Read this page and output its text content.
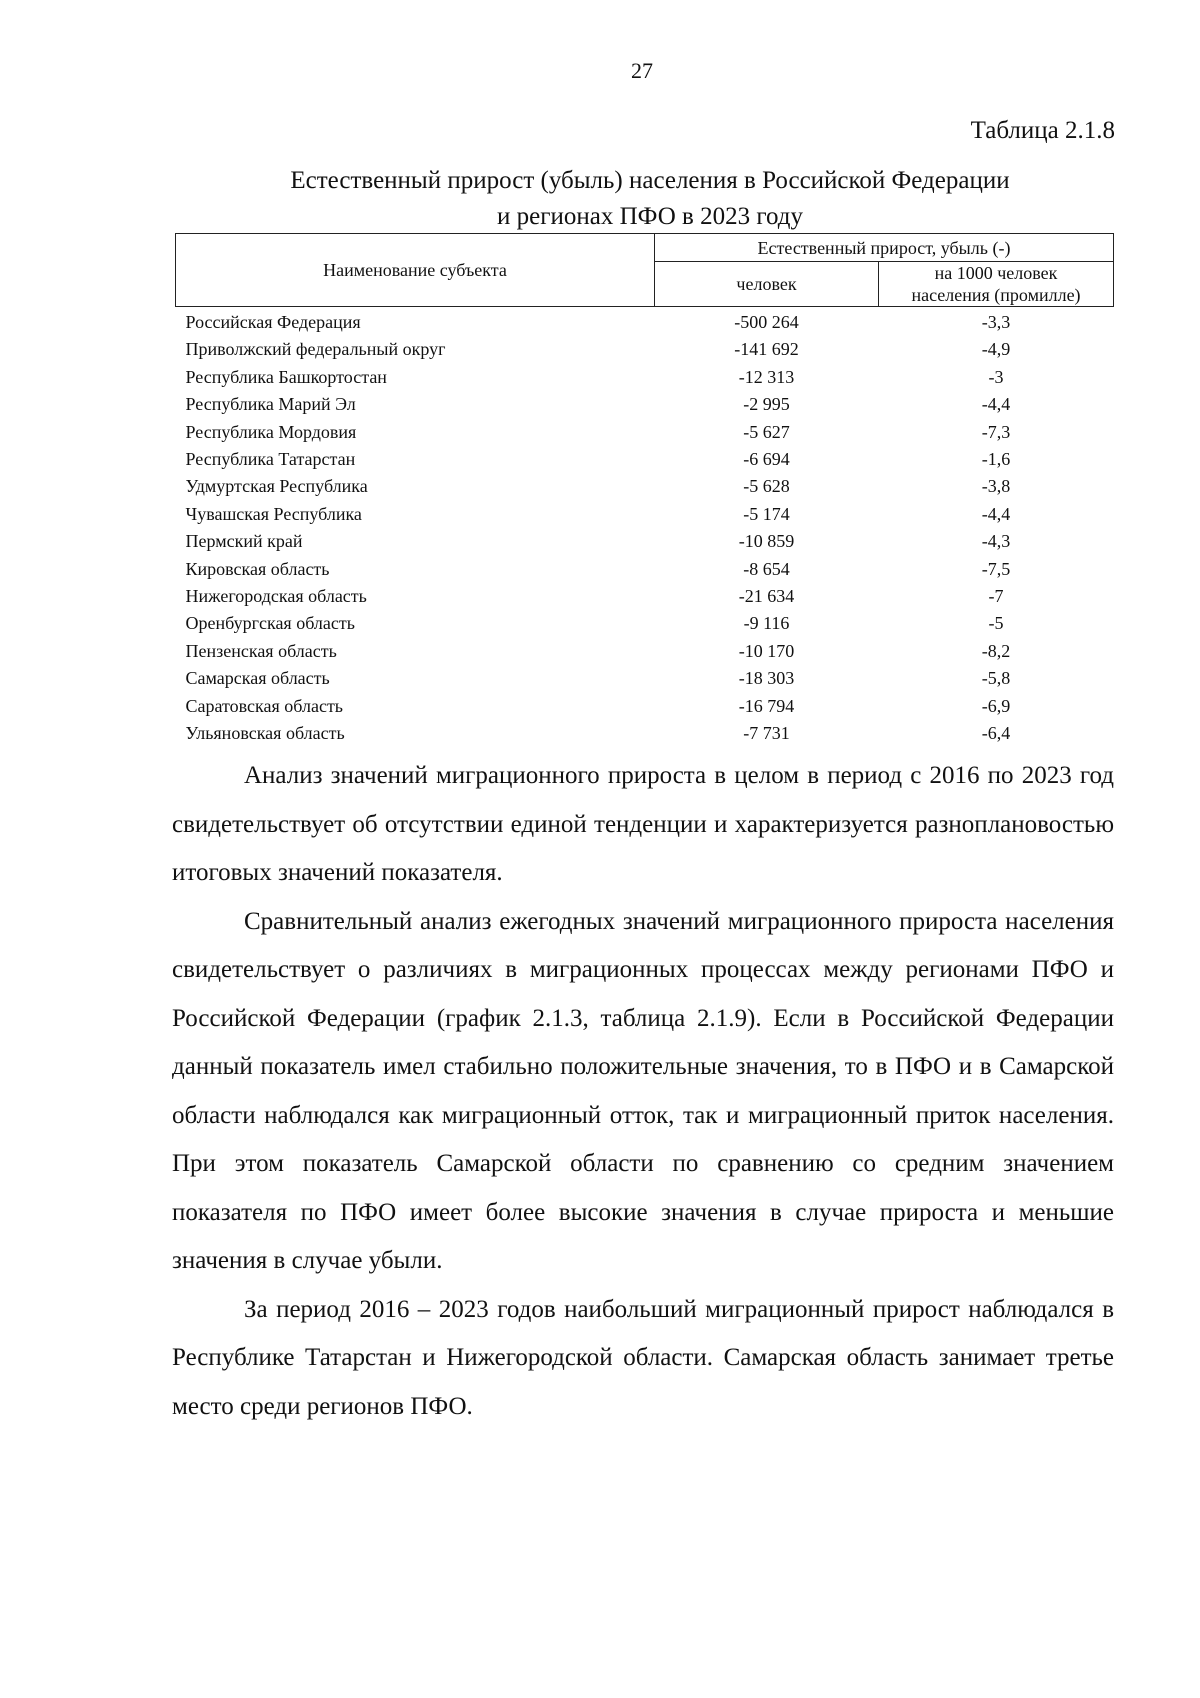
27
Таблица 2.1.8
Естественный прирост (убыль) населения в Российской Федерации
и регионах ПФО в 2023 году
Наименование субъекта	Естественный прирост, убыль (-)	
	человек	на 1000 человек
населения (промилле)

Российская Федерация	-500 264	-3,3
Приволжский федеральный округ	-141 692	-4,9
Республика Башкортостан	-12 313	-3
Республика Марий Эл	-2 995	-4,4
Республика Мордовия	-5 627	-7,3
Республика Татарстан	-6 694	-1,6
Удмуртская Республика	-5 628	-3,8
Чувашская Республика	-5 174	-4,4
Пермский край	-10 859	-4,3
Кировская область	-8 654	-7,5
Нижегородская область	-21 634	-7
Оренбургская область	-9 116	-5
Пензенская область	-10 170	-8,2
Самарская область	-18 303	-5,8
Саратовская область	-16 794	-6,9
Ульяновская область	-7 731	-6,4

Анализ значений миграционного прироста в целом в период с 2016 по 2023 год свидетельствует об отсутствии единой тенденции и характеризуется разноплановостью итоговых значений показателя.

Сравнительный анализ ежегодных значений миграционного прироста населения свидетельствует о различиях в миграционных процессах между регионами ПФО и Российской Федерации (график 2.1.3, таблица 2.1.9). Если в Российской Федерации данный показатель имел стабильно положительные значения, то в ПФО и в Самарской области наблюдался как миграционный отток, так и миграционный приток населения. При этом показатель Самарской области по сравнению со средним значением показателя по ПФО имеет более высокие значения в случае прироста и меньшие значения в случае убыли.

За период 2016 – 2023 годов наибольший миграционный прирост наблюдался в Республике Татарстан и Нижегородской области. Самарская область занимает третье место среди регионов ПФО.
